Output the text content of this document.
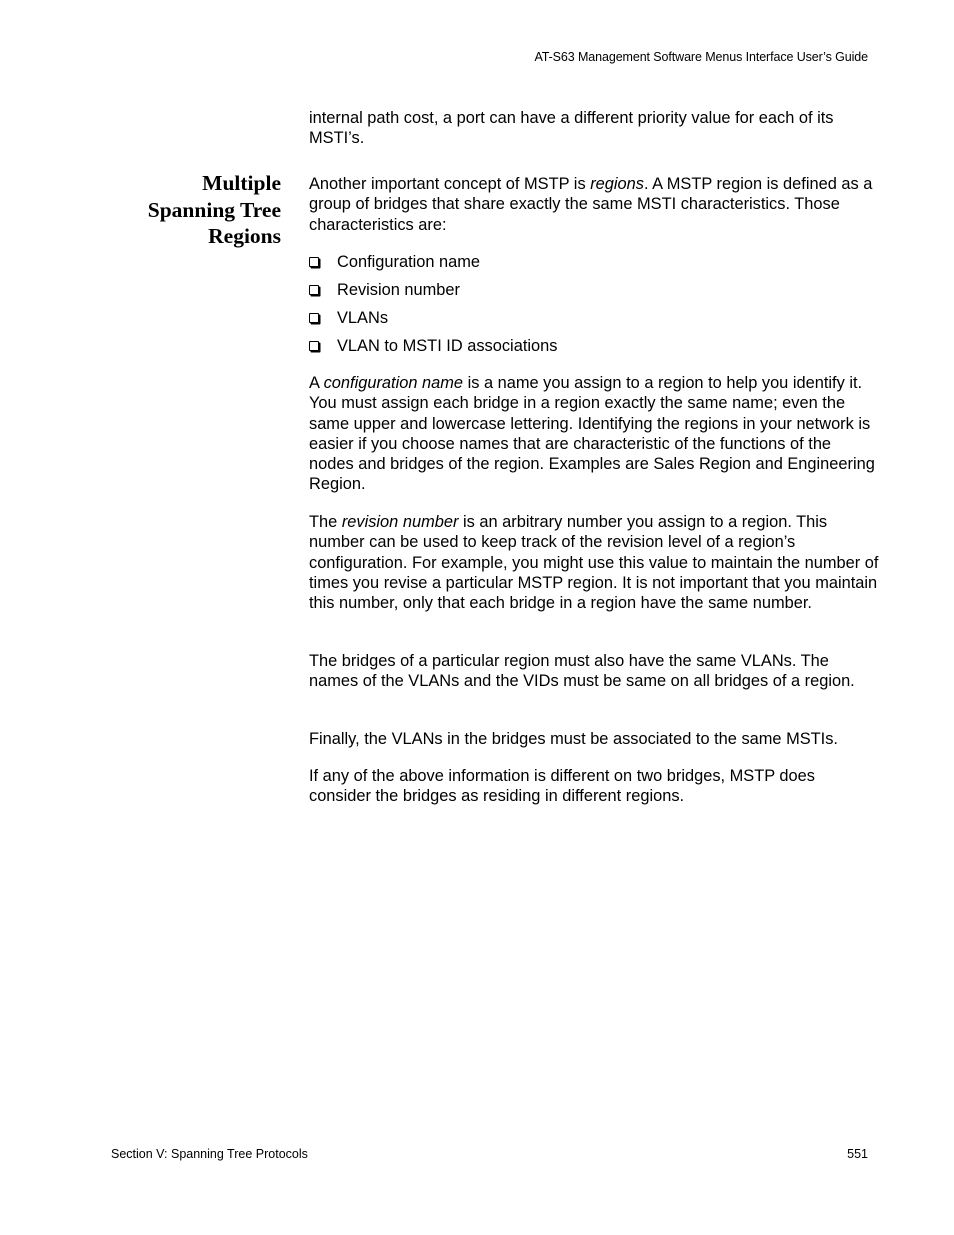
AT-S63 Management Software Menus Interface User’s Guide

internal path cost, a port can have a different priority value for each of its MSTI’s.

Multiple
Spanning Tree
Regions

Another important concept of MSTP is regions. A MSTP region is defined as a group of bridges that share exactly the same MSTI characteristics. Those characteristics are:

Configuration name
Revision number
VLANs
VLAN to MSTI ID associations

A configuration name is a name you assign to a region to help you identify it. You must assign each bridge in a region exactly the same name; even the same upper and lowercase lettering. Identifying the regions in your network is easier if you choose names that are characteristic of the functions of the nodes and bridges of the region. Examples are Sales Region and Engineering Region.

The revision number is an arbitrary number you assign to a region. This number can be used to keep track of the revision level of a region’s configuration. For example, you might use this value to maintain the number of times you revise a particular MSTP region. It is not important that you maintain this number, only that each bridge in a region have the same number.

The bridges of a particular region must also have the same VLANs. The names of the VLANs and the VIDs must be same on all bridges of a region.

Finally, the VLANs in the bridges must be associated to the same MSTIs.

If any of the above information is different on two bridges, MSTP does consider the bridges as residing in different regions.

Section V: Spanning Tree Protocols	551
